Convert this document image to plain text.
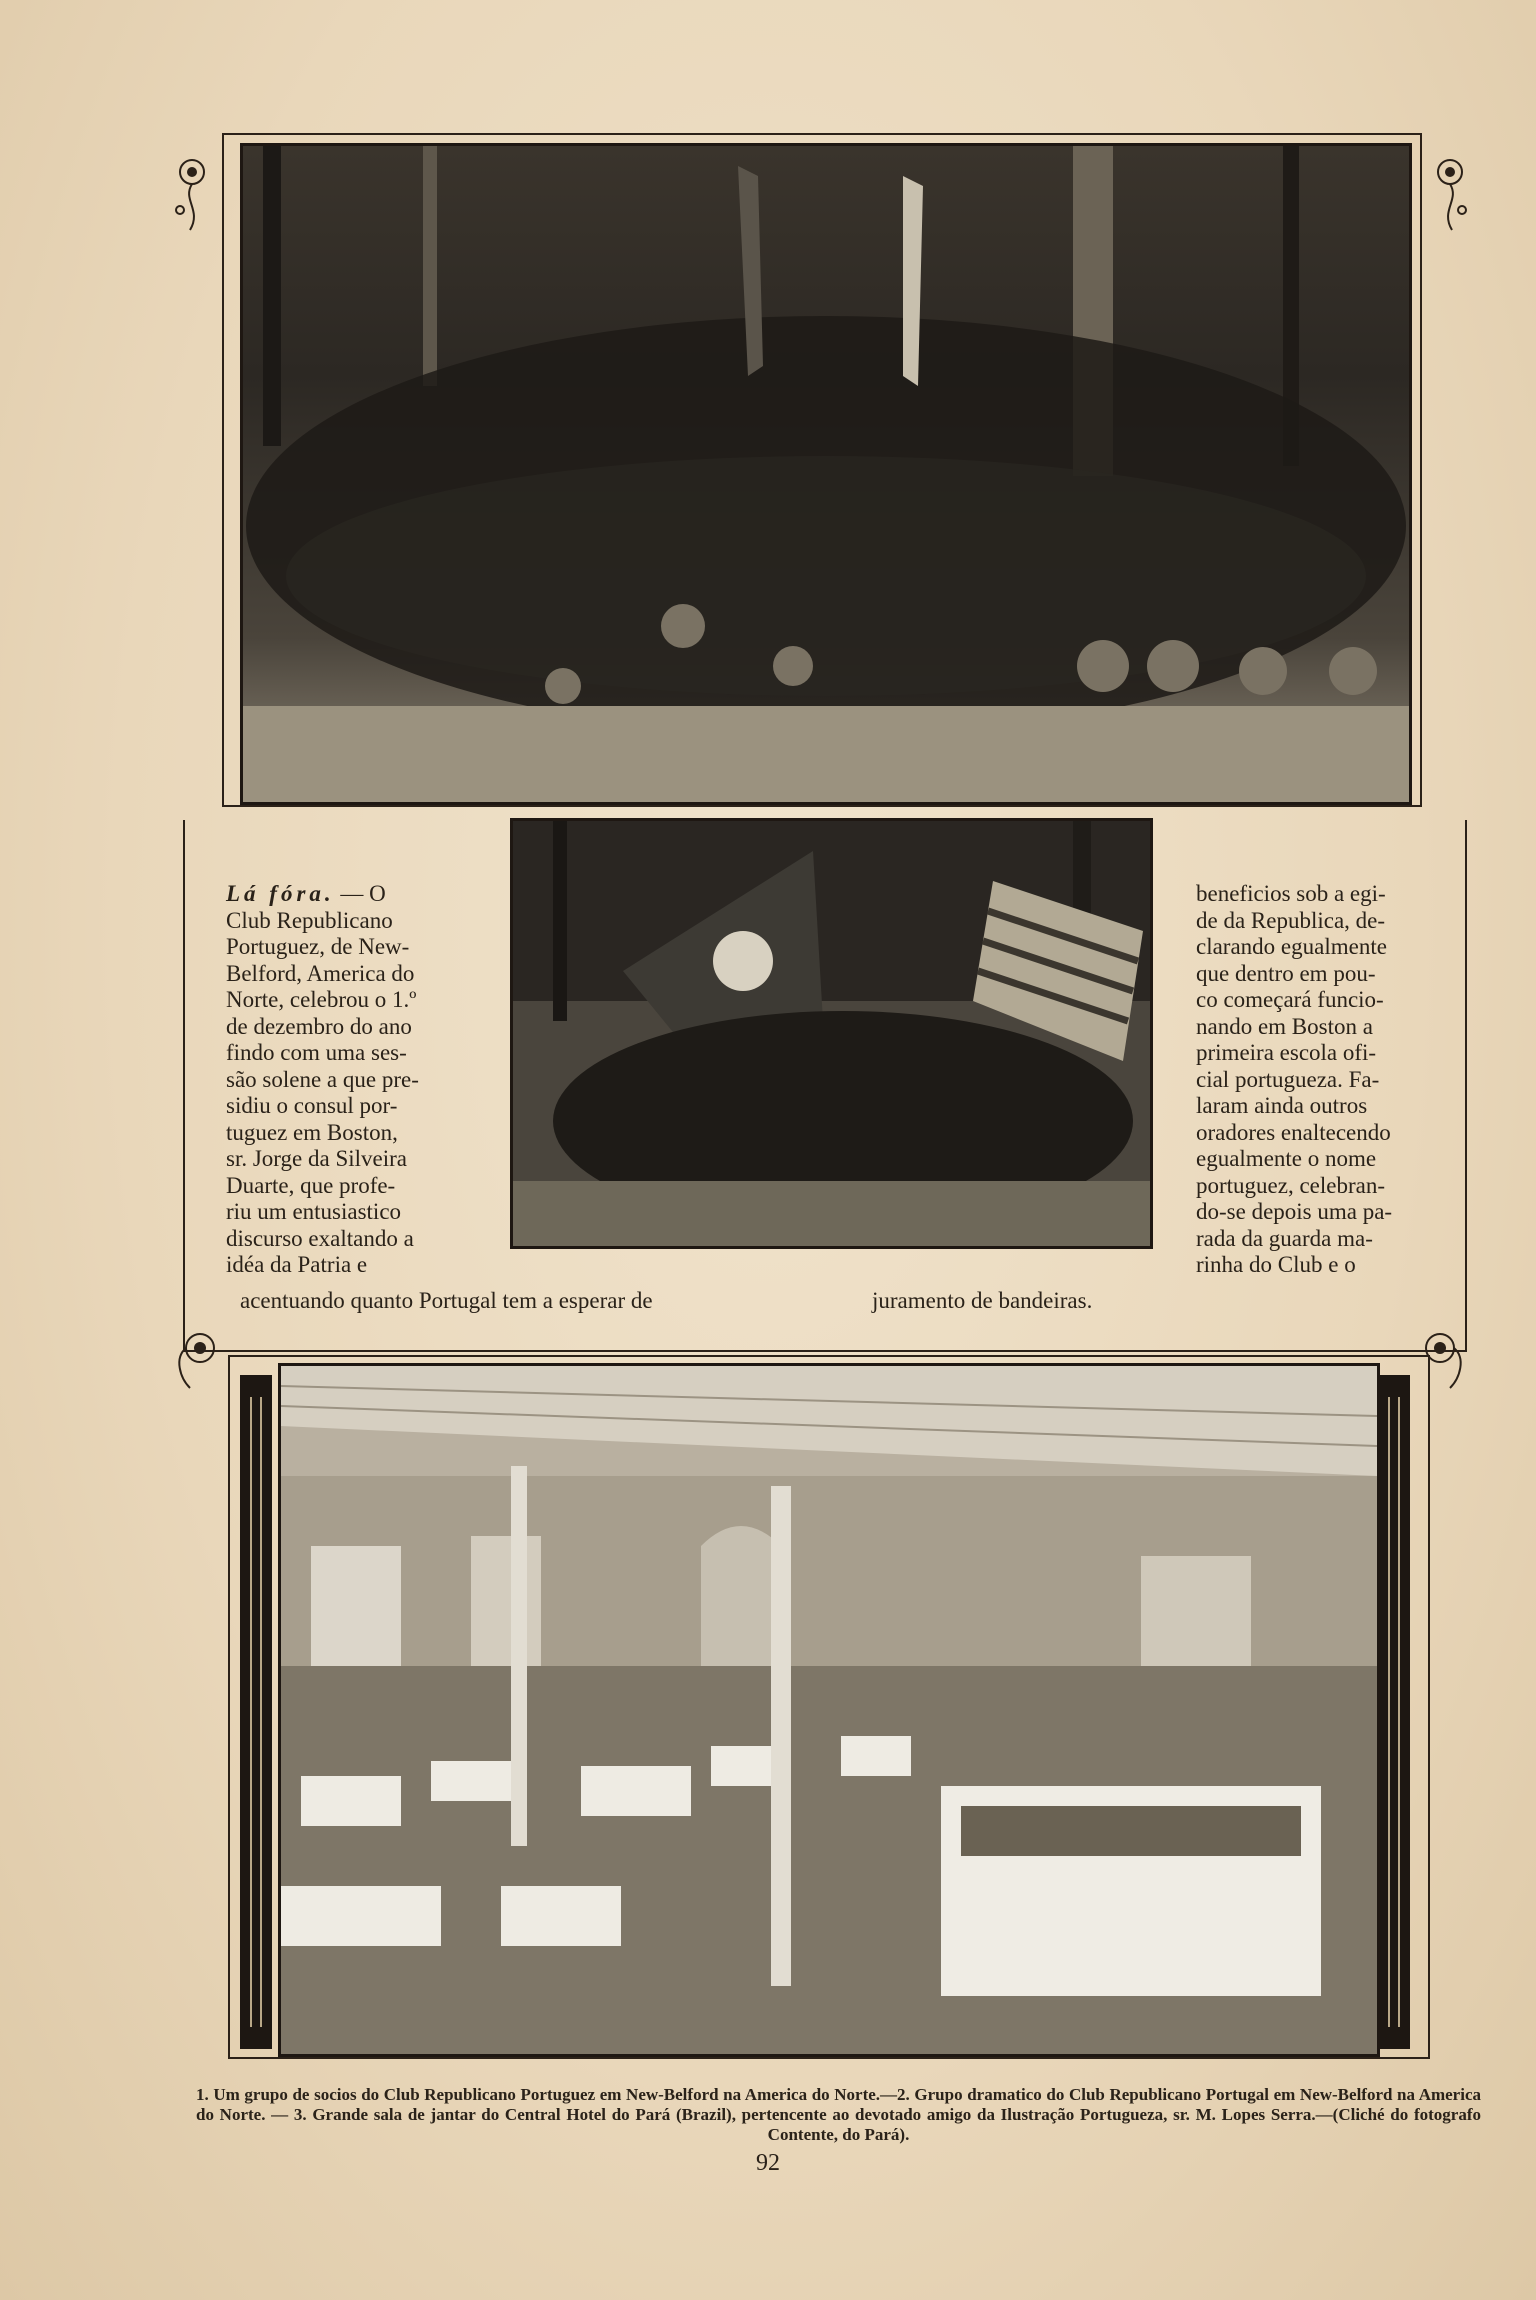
Lá fóra. — O
Club Republicano
Portuguez, de New-
Belford, America do
Norte, celebrou o 1.º
de dezembro do ano
findo com uma ses-
são solene a que pre-
sidiu o consul por-
tuguez em Boston,
sr. Jorge da Silveira
Duarte, que profe-
riu um entusiastico
discurso exaltando a
idéa da Patria e
beneficios sob a egi-
de da Republica, de-
clarando egualmente
que dentro em pou-
co começará funcio-
nando em Boston a
primeira escola ofi-
cial portugueza. Fa-
laram ainda outros
oradores enaltecendo
egualmente o nome
portuguez, celebran-
do-se depois uma pa-
rada da guarda ma-
rinha do Club e o
acentuando quanto Portugal tem a esperar de	juramento de bandeiras.
1. Um grupo de socios do Club Republicano Portuguez em New-Belford na America do Norte.—2. Grupo dramatico do Club Republicano Portugal em New-Belford na America do Norte. — 3. Grande sala de jantar do Central Hotel do Pará (Brazil), pertencente ao devotado amigo da Ilustração Portugueza, sr. M. Lopes Serra.—(Cliché do fotografo Contente, do Pará).
92
